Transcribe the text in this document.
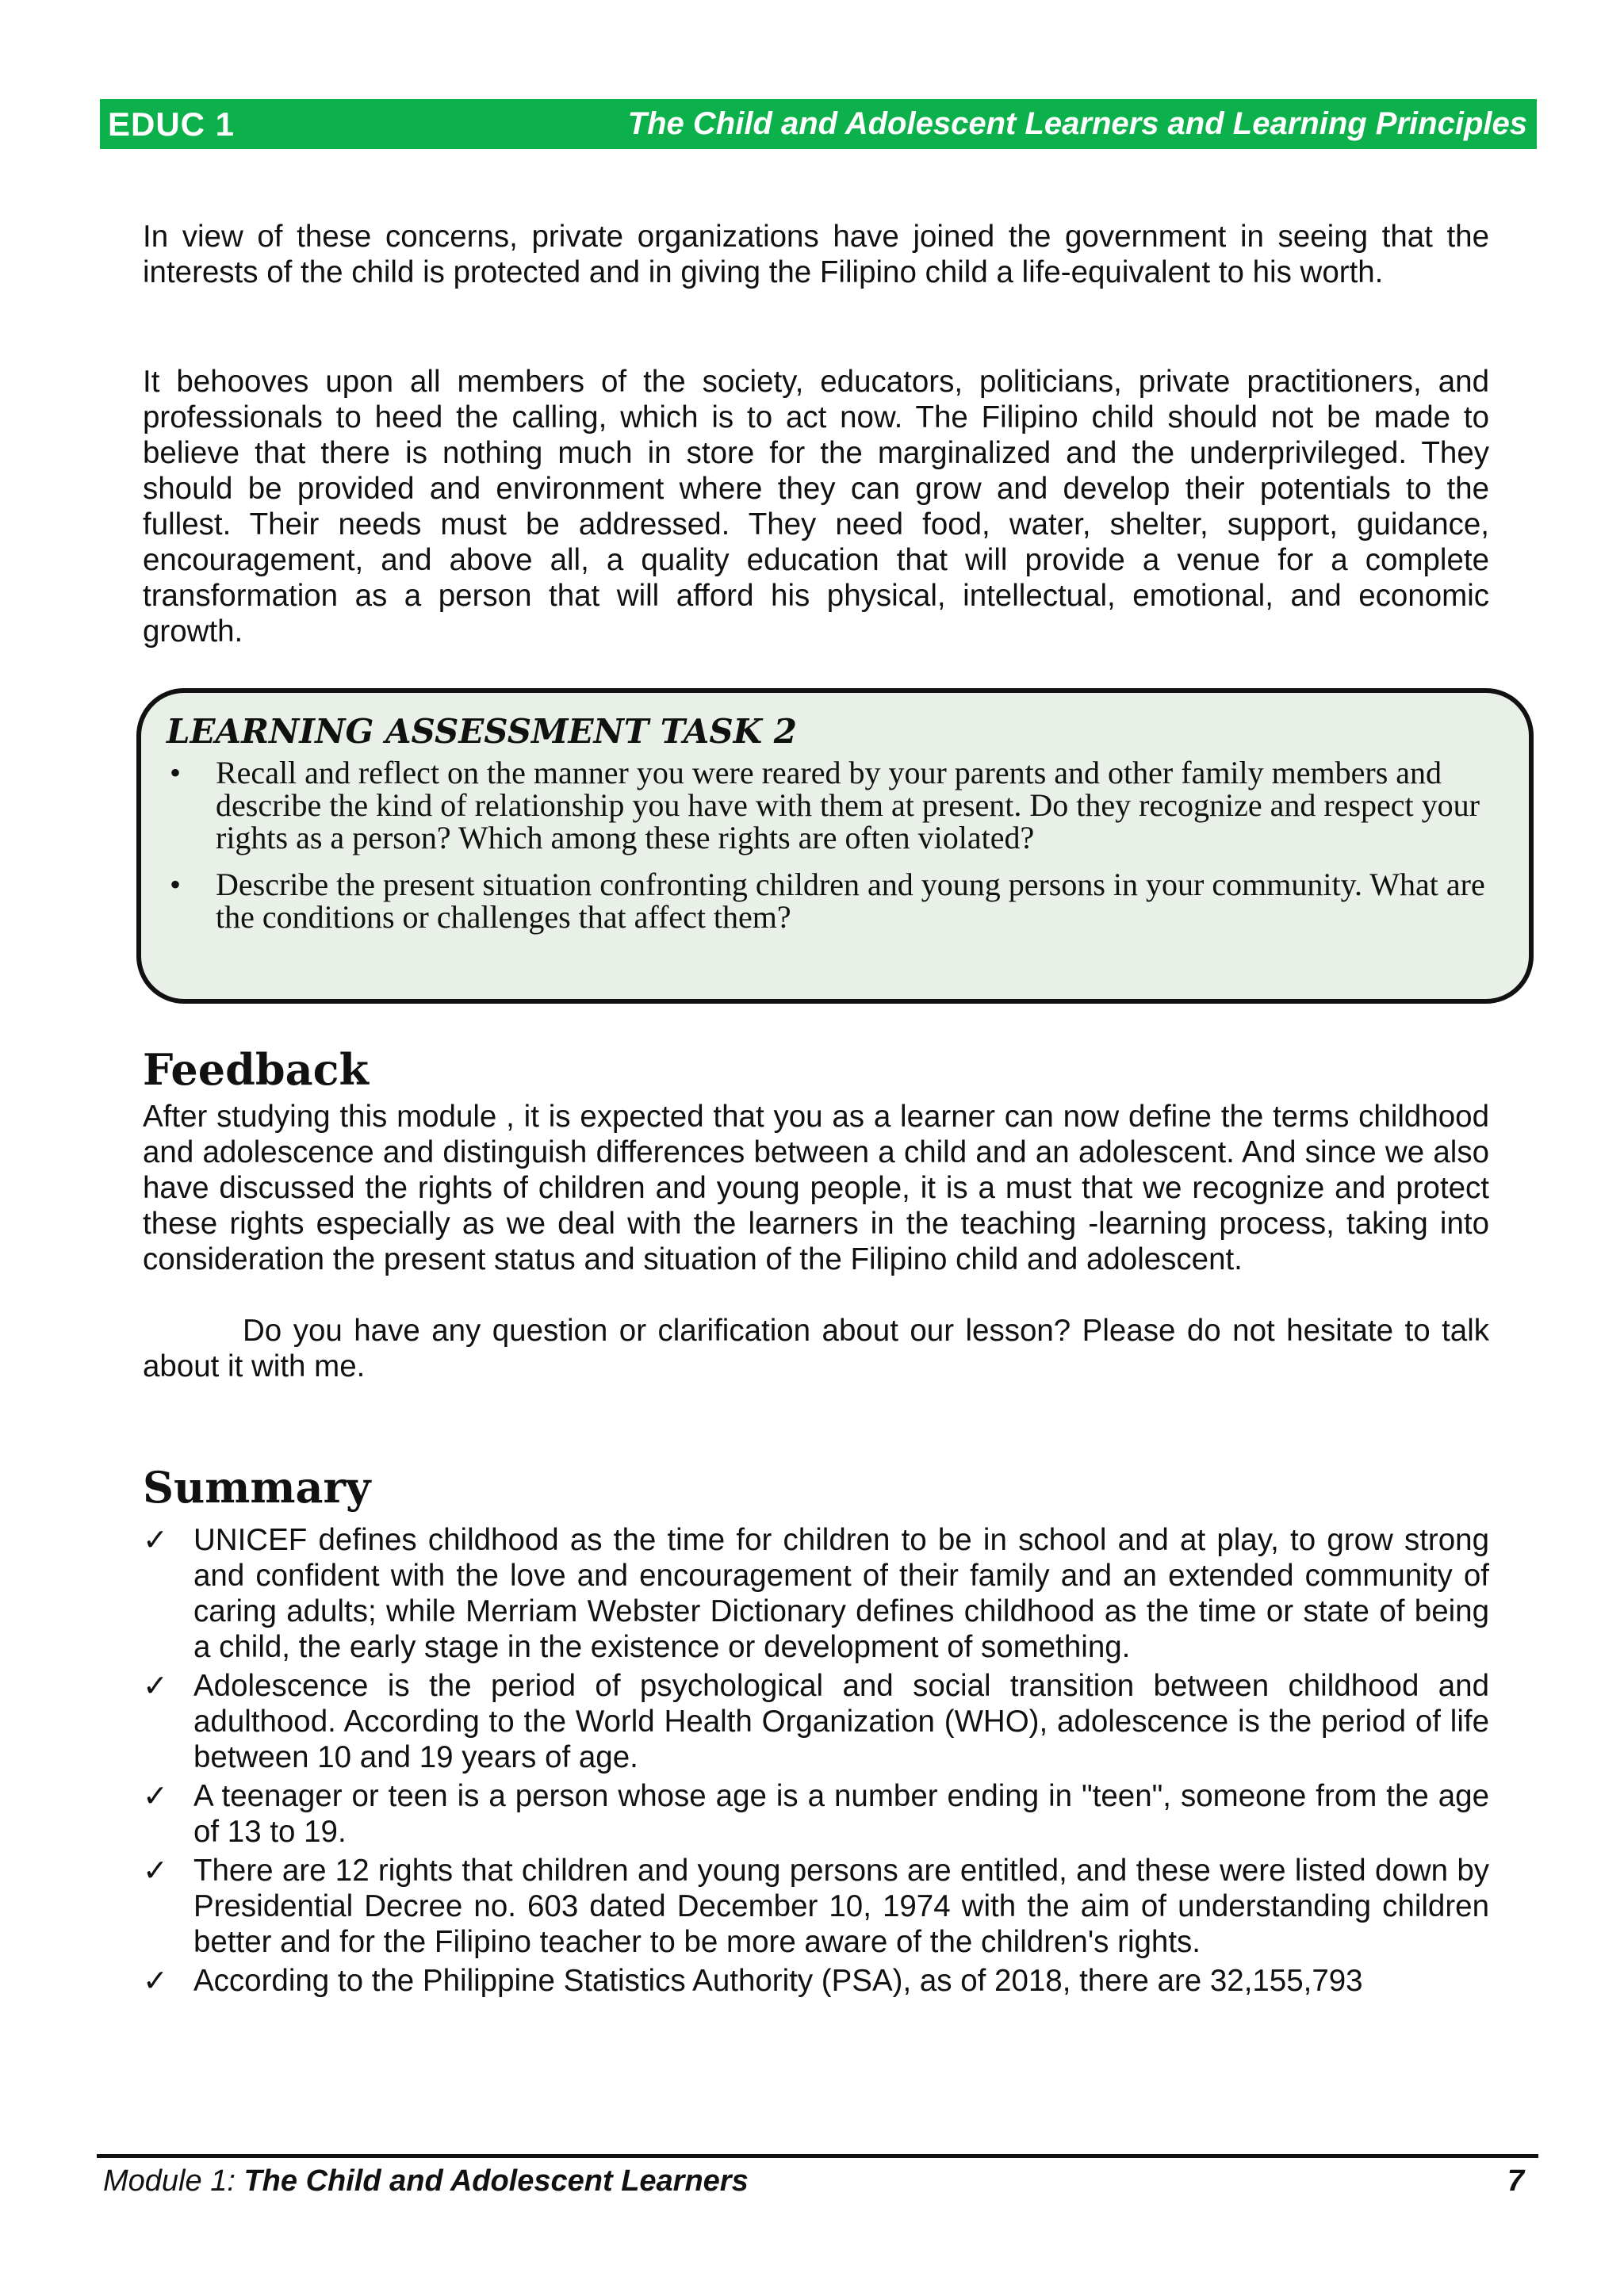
EDUC 1	The Child and Adolescent Learners and Learning Principles

In view of these concerns, private organizations have joined the government in seeing that the interests of the child is protected and in giving the Filipino child a life-equivalent to his worth.

It behooves upon all members of the society, educators, politicians, private practitioners, and professionals to heed the calling, which is to act now. The Filipino child should not be made to believe that there is nothing much in store for the marginalized and the underprivileged. They should be provided and environment where they can grow and develop their potentials to the fullest. Their needs must be addressed. They need food, water, shelter, support, guidance, encouragement, and above all, a quality education that will provide a venue for a complete transformation as a person that will afford his physical, intellectual, emotional, and economic growth.

LEARNING ASSESSMENT TASK 2
• Recall and reflect on the manner you were reared by your parents and other family members and describe the kind of relationship you have with them at present. Do they recognize and respect your rights as a person? Which among these rights are often violated?
• Describe the present situation confronting children and young persons in your community. What are the conditions or challenges that affect them?
Feedback

After studying this module , it is expected that you as a learner can now define the terms childhood and adolescence and distinguish differences between a child and an adolescent. And since we also have discussed the rights of children and young people, it is a must that we recognize and protect these rights especially as we deal with the learners in the teaching -learning process, taking into consideration the present status and situation of the Filipino child and adolescent.

Do you have any question or clarification about our lesson? Please do not hesitate to talk about it with me.

Summary
✓ UNICEF defines childhood as the time for children to be in school and at play, to grow strong and confident with the love and encouragement of their family and an extended community of caring adults; while Merriam Webster Dictionary defines childhood as the time or state of being a child, the early stage in the existence or development of something.
✓ Adolescence is the period of psychological and social transition between childhood and adulthood. According to the World Health Organization (WHO), adolescence is the period of life between 10 and 19 years of age.
✓ A teenager or teen is a person whose age is a number ending in "teen", someone from the age of 13 to 19.
✓ There are 12 rights that children and young persons are entitled, and these were listed down by Presidential Decree no. 603 dated December 10, 1974 with the aim of understanding children better and for the Filipino teacher to be more aware of the children's rights.
✓ According to the Philippine Statistics Authority (PSA), as of 2018, there are 32,155,793
Module 1: The Child and Adolescent Learners	7
